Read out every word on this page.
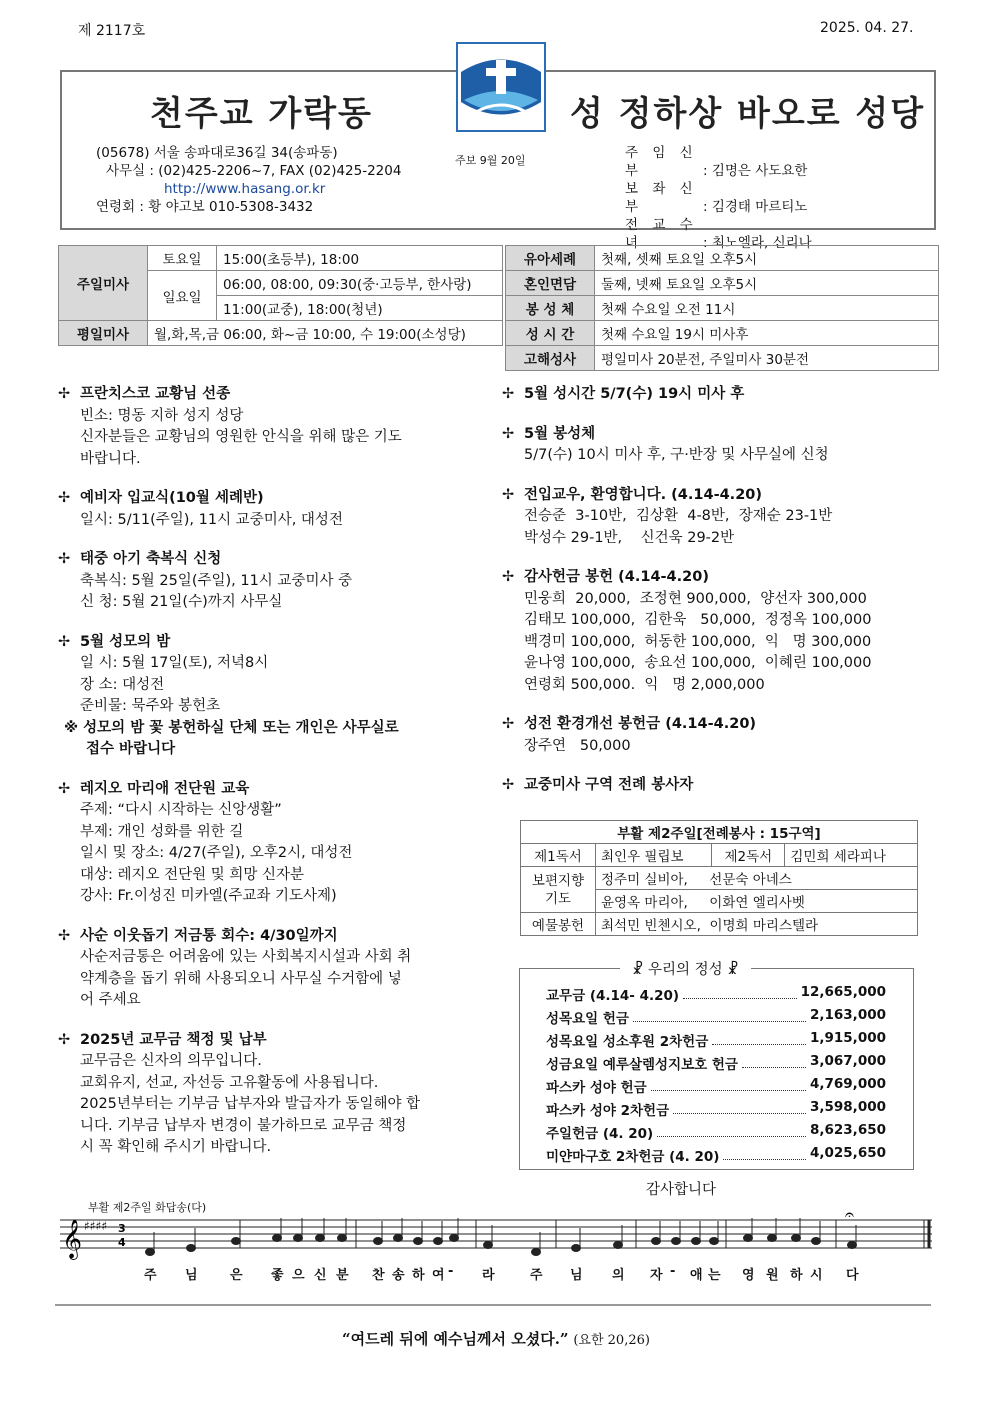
제 2117호	2025. 04. 27.
천주교 가락동	성 정하상 바오로 성당
(05678) 서울 송파대로36길 34(송파동)
사무실 : (02)425-2206~7, FAX (02)425-2204
http://www.hasang.or.kr
연령회 : 황 야고보 010-5308-3432
주보 9월 20일	주 임 신부	: 김명은 사도요한
보 좌 신부	: 김경태 마르티노
전 교 수녀	: 최노엘라, 신리나
주일미사	토요일	15:00(초등부), 18:00
	일요일	06:00, 08:00, 09:30(중·고등부, 한사랑)
		11:00(교중), 18:00(청년)
평일미사	월,화,목,금 06:00, 화~금 10:00, 수 19:00(소성당)	
유아세례	첫째, 셋째 토요일 오후5시
혼인면담	둘째, 넷째 토요일 오후5시
봉 성 체	첫째 수요일 오전 11시
성 시 간	첫째 수요일 19시 미사후
고해성사	평일미사 20분전, 주일미사 30분전
✢ 프란치스코 교황님 선종
빈소: 명동 지하 성지 성당
신자분들은 교황님의 영원한 안식을 위해 많은 기도
바랍니다.
✢ 예비자 입교식(10월 세례반)
일시: 5/11(주일), 11시 교중미사, 대성전
✢ 태중 아기 축복식 신청
축복식: 5월 25일(주일), 11시 교중미사 중
신 청: 5월 21일(수)까지 사무실
✢ 5월 성모의 밤
일 시: 5월 17일(토), 저녁8시
장 소: 대성전
준비물: 묵주와 봉헌초
※ 성모의 밤 꽃 봉헌하실 단체 또는 개인은 사무실로
접수 바랍니다
✢ 레지오 마리애 전단원 교육
주제: “다시 시작하는 신앙생활”
부제: 개인 성화를 위한 길
일시 및 장소: 4/27(주일), 오후2시, 대성전
대상: 레지오 전단원 및 희망 신자분
강사: Fr.이성진 미카엘(주교좌 기도사제)
✢ 사순 이웃돕기 저금통 회수: 4/30일까지
사순저금통은 어려움에 있는 사회복지시설과 사회 취
약계층을 돕기 위해 사용되오니 사무실 수거함에 넣
어 주세요
✢ 2025년 교무금 책정 및 납부
교무금은 신자의 의무입니다.
교회유지, 선교, 자선등 고유활동에 사용됩니다.
2025년부터는 기부금 납부자와 발급자가 동일해야 합
니다. 기부금 납부자 변경이 불가하므로 교무금 책정
시 꼭 확인해 주시기 바랍니다.
✢ 5월 성시간 5/7(수) 19시 미사 후
✢ 5월 봉성체
5/7(수) 10시 미사 후, 구·반장 및 사무실에 신청
✢ 전입교우, 환영합니다. (4.14-4.20)
전승준  3-10반,  김상환  4-8반,  장재순 23-1반
박성수 29-1반,    신건욱 29-2반
✢ 감사헌금 봉헌 (4.14-4.20)
민웅희  20,000,  조정현 900,000,  양선자 300,000
김태모 100,000,  김한욱   50,000,  정정옥 100,000
백경미 100,000,  허동한 100,000,  익   명 300,000
윤나영 100,000,  송요선 100,000,  이혜린 100,000
연령회 500,000.  익   명 2,000,000
✢ 성전 환경개선 봉헌금 (4.14-4.20)
장주연   50,000
✢ 교중미사 구역 전례 봉사자
부활 제2주일[전례봉사 : 15구역]			
제1독서	최인우 필립보	제2독서	김민희 세라피나

보편지향
기도	정주미 실비아,     선문숙 아네스		
	윤영옥 마리아,     이화연 엘리사벳		
예물봉헌	최석민 빈첸시오,  이명희 마리스텔라		
교무금 (4.14- 4.20)	12,665,000
성목요일 헌금	2,163,000
성목요일 성소후원 2차헌금	1,915,000
성금요일 예루살렘성지보호 헌금	3,067,000
파스카 성야 헌금	4,769,000
파스카 성야 2차헌금	3,598,000
주일헌금 (4. 20)	8,623,650
미얀마구호 2차헌금 (4. 20)	4,025,650
☧ 우리의 정성 ☧
감사합니다
부활 제2주일 화답송(다)
𝄞 ♯♯♯♯ 3
4
𝄐
주 님 은 좋 으 신 분 찬 송 하 여 - 라	주 님 의 자 - 애 는 영 원 하 시 다
“여드레 뒤에 예수님께서 오셨다.” (요한 20,26)
